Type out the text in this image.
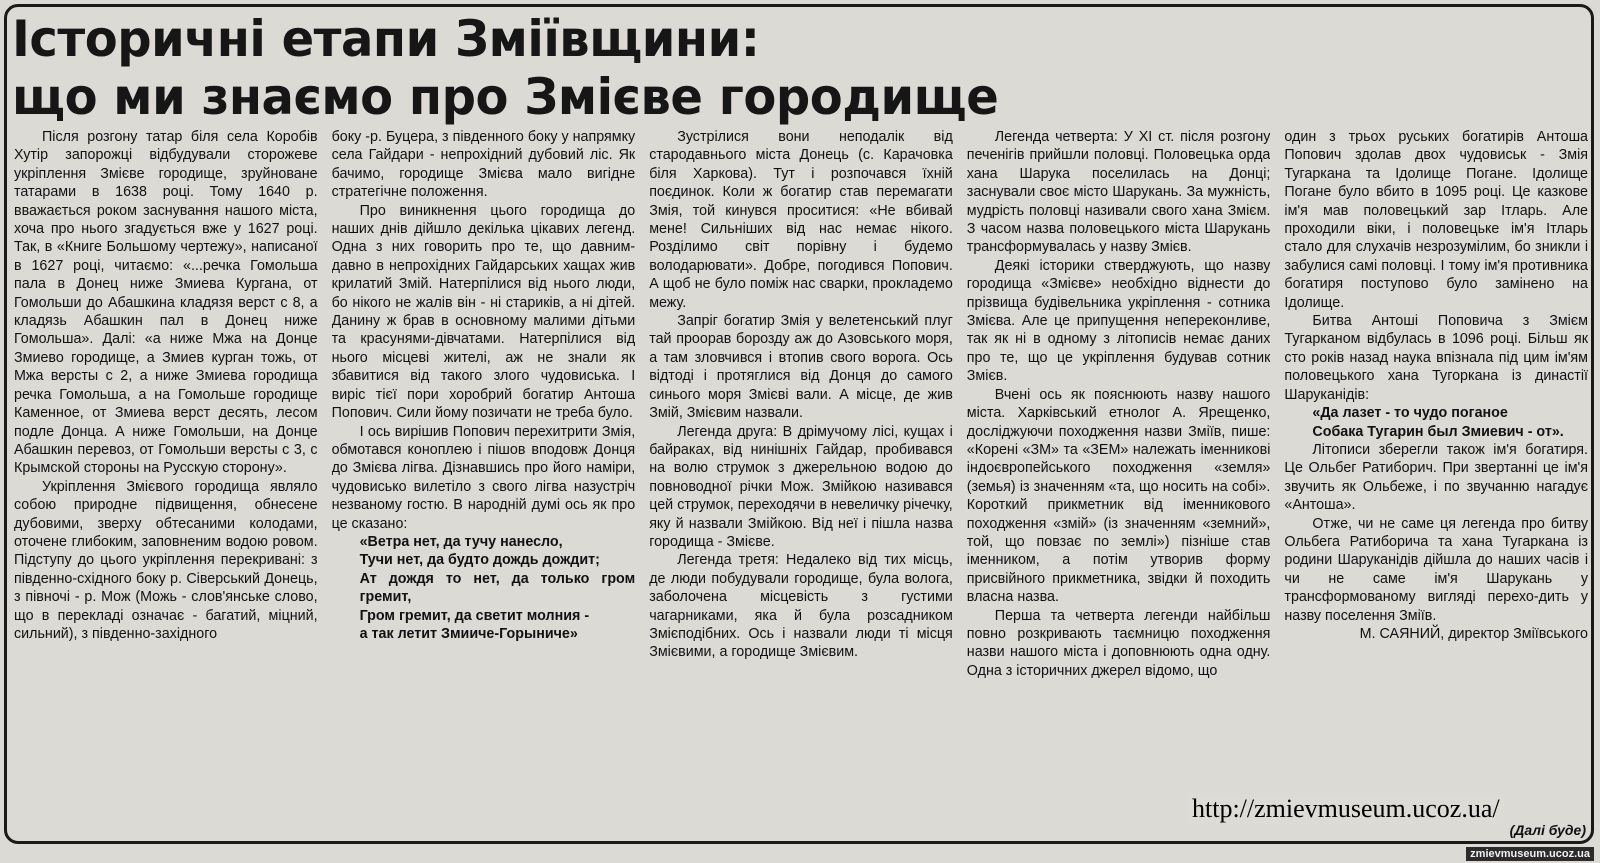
Історичні етапи Зміївщини:
що ми знаємо про Змієве городище

Після розгону татар біля села Коробів Хутір запорожці відбудували сторожеве укріплення Змієве городище, зруйноване татарами в 1638 році. Тому 1640 р. вважається роком заснування нашого міста, хоча про нього згадується вже у 1627 році. Так, в «Книге Большому чертежу», написаної в 1627 році, читаємо: «...речка Гомольша пала в Донец ниже Змиева Кургана, от Гомольши до Абашкина кладязя верст с 8, а кладязь Абашкин пал в Донец ниже Гомольша». Далі: «а ниже Мжа на Донце Змиево городище, а Змиев курган тожь, от Мжа версты с 2, а ниже Змиева городища речка Гомольша, а на Гомольше городище Каменное, от Змиева верст десять, лесом подле Донца. А ниже Гомольши, на Донце Абашкин перевоз, от Гомольши версты с 3, с Крымской стороны на Русскую сторону».

Укріплення Змієвого городища являло собою природне підвищення, обнесене дубовими, зверху обтесаними колодами, оточене глибоким, заповненим водою ровом. Підступу до цього укріплення перекривані: з південно-східного боку р. Сіверський Донець, з півночі - р. Мож (Можь - слов'янське слово, що в перекладі означає - багатий, міцний, сильний), з південно-західного

боку -р. Буцера, з південного боку у напрямку села Гайдари - непрохідний дубовий ліс. Як бачимо, городище Змієва мало вигідне стратегічне положення.

Про виникнення цього городища до наших днів дійшло декілька цікавих легенд. Одна з них говорить про те, що давним-давно в непрохідних Гайдарських хащах жив крилатий Змій. Натерпілися від нього люди, бо нікого не жалів він - ні стариків, а ні дітей. Данину ж брав в основному малими дітьми та красунями-дівчатами. Натерпілися від нього місцеві жителі, аж не знали як збавитися від такого злого чудовиська. І виріс тієї пори хоробрий богатир Антоша Попович. Сили йому позичати не треба було.

І ось вирішив Попович перехитрити Змія, обмотався коноплею і пішов вподовж Донця до Змієва лігва. Дізнавшись про його наміри, чудовисько вилетіло з свого лігва назустріч незваному гостю. В народній думі ось як про це сказано:

«Ветра нет, да тучу нанесло,

Тучи нет, да будто дождь дождит;

Ат дождя то нет, да только гром гремит,

Гром гремит, да светит молния -

а так летит Змииче-Горыниче»

Зустрілися вони неподалік від стародавнього міста Донець (с. Карачовка біля Харкова). Тут і розпочався їхній поєдинок. Коли ж богатир став перемагати Змія, той кинувся проситися: «Не вбивай мене! Сильніших від нас немає нікого. Розділимо світ порівну і будемо володарювати». Добре, погодився Попович. А щоб не було поміж нас сварки, прокладемо межу.

Запріг богатир Змія у велетенський плуг тай проорав борозду аж до Азовського моря, а там зловчився і втопив свого ворога. Ось відтоді і протяглися від Донця до самого синього моря Змієві вали. А місце, де жив Змій, Змієвим назвали.

Легенда друга: В дрімучому лісі, кущах і байраках, від нинішніх Гайдар, пробивався на волю струмок з джерельною водою до повноводної річки Мож. Змійкою називався цей струмок, переходячи в невеличку річечку, яку й назвали Змійкою. Від неї і пішла назва городища - Змієве.

Легенда третя: Недалеко від тих місць, де люди побудували городище, була волога, заболочена місцевість з густими чагарниками, яка й була розсадником Змієподібних. Ось і назвали люди ті місця Змієвими, а городище Змієвим.

Легенда четверта: У XI ст. після розгону печенігів прийшли половці. Половецька орда хана Шарука поселилась на Донці; заснували своє місто Шарукань. За мужність, мудрість половці називали свого хана Змієм. З часом назва половецького міста Шарукань трансформувалась у назву Змієв.

Деякі історики стверджують, що назву городища «Змієве» необхідно віднести до прізвища будівельника укріплення - сотника Змієва. Але це припущення непереконливе, так як ні в одному з літописів немає даних про те, що це укріплення будував сотник Змієв.

Вчені ось як пояснюють назву нашого міста. Харківський етнолог А. Ярещенко, досліджуючи походження назви Зміїв, пише: «Корені «ЗМ» та «ЗЕМ» належать іменникові індоєвропейського походження «земля» (земья) із значенням «та, що носить на собі». Короткий прикметник від іменникового походження «змій» (із значенням «земний», той, що повзає по землі») пізніше став іменником, а потім утворив форму присвійного прикметника, звідки й походить власна назва.

Перша та четверта легенди найбільш повно розкривають таємницю походження назви нашого міста і доповнюють одна одну. Одна з історичних джерел відомо, що

один з трьох руських богатирів Антоша Попович здолав двох чудовиськ - Змія Тугаркана та Ідолище Погане. Ідолище Погане було вбито в 1095 році. Це казкове ім'я мав половецький зар Ітларь. Але проходили віки, і половецьке ім'я Ітларь стало для слухачів незрозумілим, бо зникли і забулися самі половці. І тому ім'я противника богатиря поступово було замінено на Ідолище.

Битва Антоші Поповича з Змієм Тугарканом відбулась в 1096 році. Більш як сто років назад наука впізнала під цим ім'ям половецького хана Тугоркана із династії Шаруканідів:

«Да лазет - то чудо поганое

Собака Тугарин был Змиевич - от».

Літописи зберегли також ім'я богатиря. Це Ольбег Ратиборич. При звертанні це ім'я звучить як Ольбеже, і по звучанню нагадує «Антоша».

Отже, чи не саме ця легенда про битву Ольбега Ратиборича та хана Тугаркана із родини Шаруканідів дійшла до наших часів і чи не саме ім'я Шарукань у трансформованому вигляді перехо-дить у назву поселення Зміїв.

М. САЯНИЙ, директор Зміївського

http://zmievmuseum.ucoz.ua/
(Далі буде)
zmievmuseum.ucoz.ua
